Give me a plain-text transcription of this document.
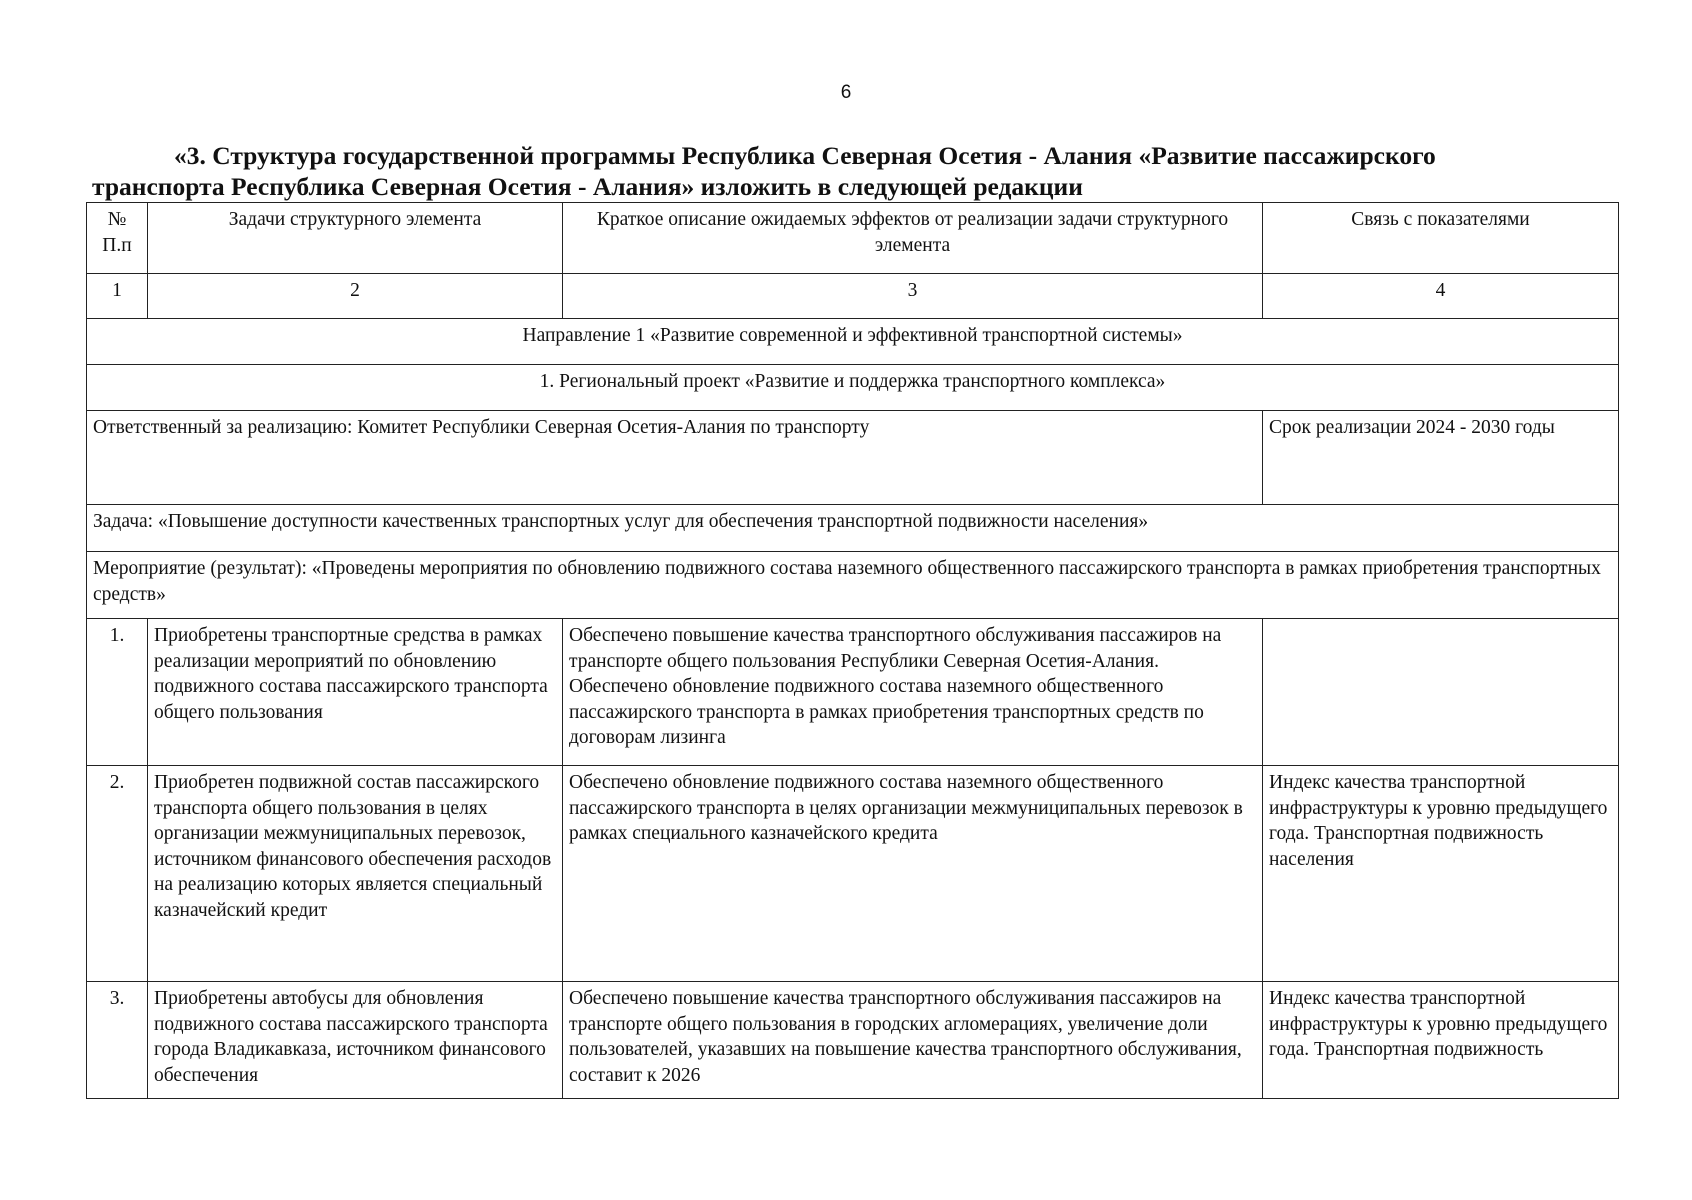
6
«3. Структура государственной программы Республика Северная Осетия - Алания «Развитие пассажирского
транспорта Республика Северная Осетия - Алания» изложить в следующей редакции
№ П.п	Задачи структурного элемента	Краткое описание ожидаемых эффектов от реализации задачи структурного элемента	Связь с показателями
1	2	3	4
Направление 1 «Развитие современной и эффективной транспортной системы»			
1. Региональный проект «Развитие и поддержка транспортного комплекса»			
Ответственный за реализацию: Комитет Республики Северная Осетия-Алания по транспорту			Срок реализации 2024 - 2030 годы
Задача: «Повышение доступности качественных транспортных услуг для обеспечения транспортной подвижности населения»			
Мероприятие (результат): «Проведены мероприятия по обновлению подвижного состава наземного общественного пассажирского транспорта в рамках приобретения транспортных средств»			
1.	Приобретены транспортные средства в рамках реализации мероприятий по обновлению подвижного состава пассажирского транспорта общего пользования	Обеспечено повышение качества транспортного обслуживания пассажиров на транспорте общего пользования Республики Северная Осетия-Алания. Обеспечено обновление подвижного состава наземного общественного пассажирского транспорта в рамках приобретения транспортных средств по договорам лизинга	
2.	Приобретен подвижной состав пассажирского транспорта общего пользования в целях организации межмуниципальных перевозок, источником финансового обеспечения расходов на реализацию которых является специальный казначейский кредит	Обеспечено обновление подвижного состава наземного общественного пассажирского транспорта в целях организации межмуниципальных перевозок в рамках специального казначейского кредита	Индекс качества транспортной инфраструктуры к уровню предыдущего года. Транспортная подвижность населения
3.	Приобретены автобусы для обновления подвижного состава пассажирского транспорта города Владикавказа, источником финансового обеспечения	Обеспечено повышение качества транспортного обслуживания пассажиров на транспорте общего пользования в городских агломерациях, увеличение доли пользователей, указавших на повышение качества транспортного обслуживания, составит к 2026	Индекс качества транспортной инфраструктуры к уровню предыдущего года. Транспортная подвижность
